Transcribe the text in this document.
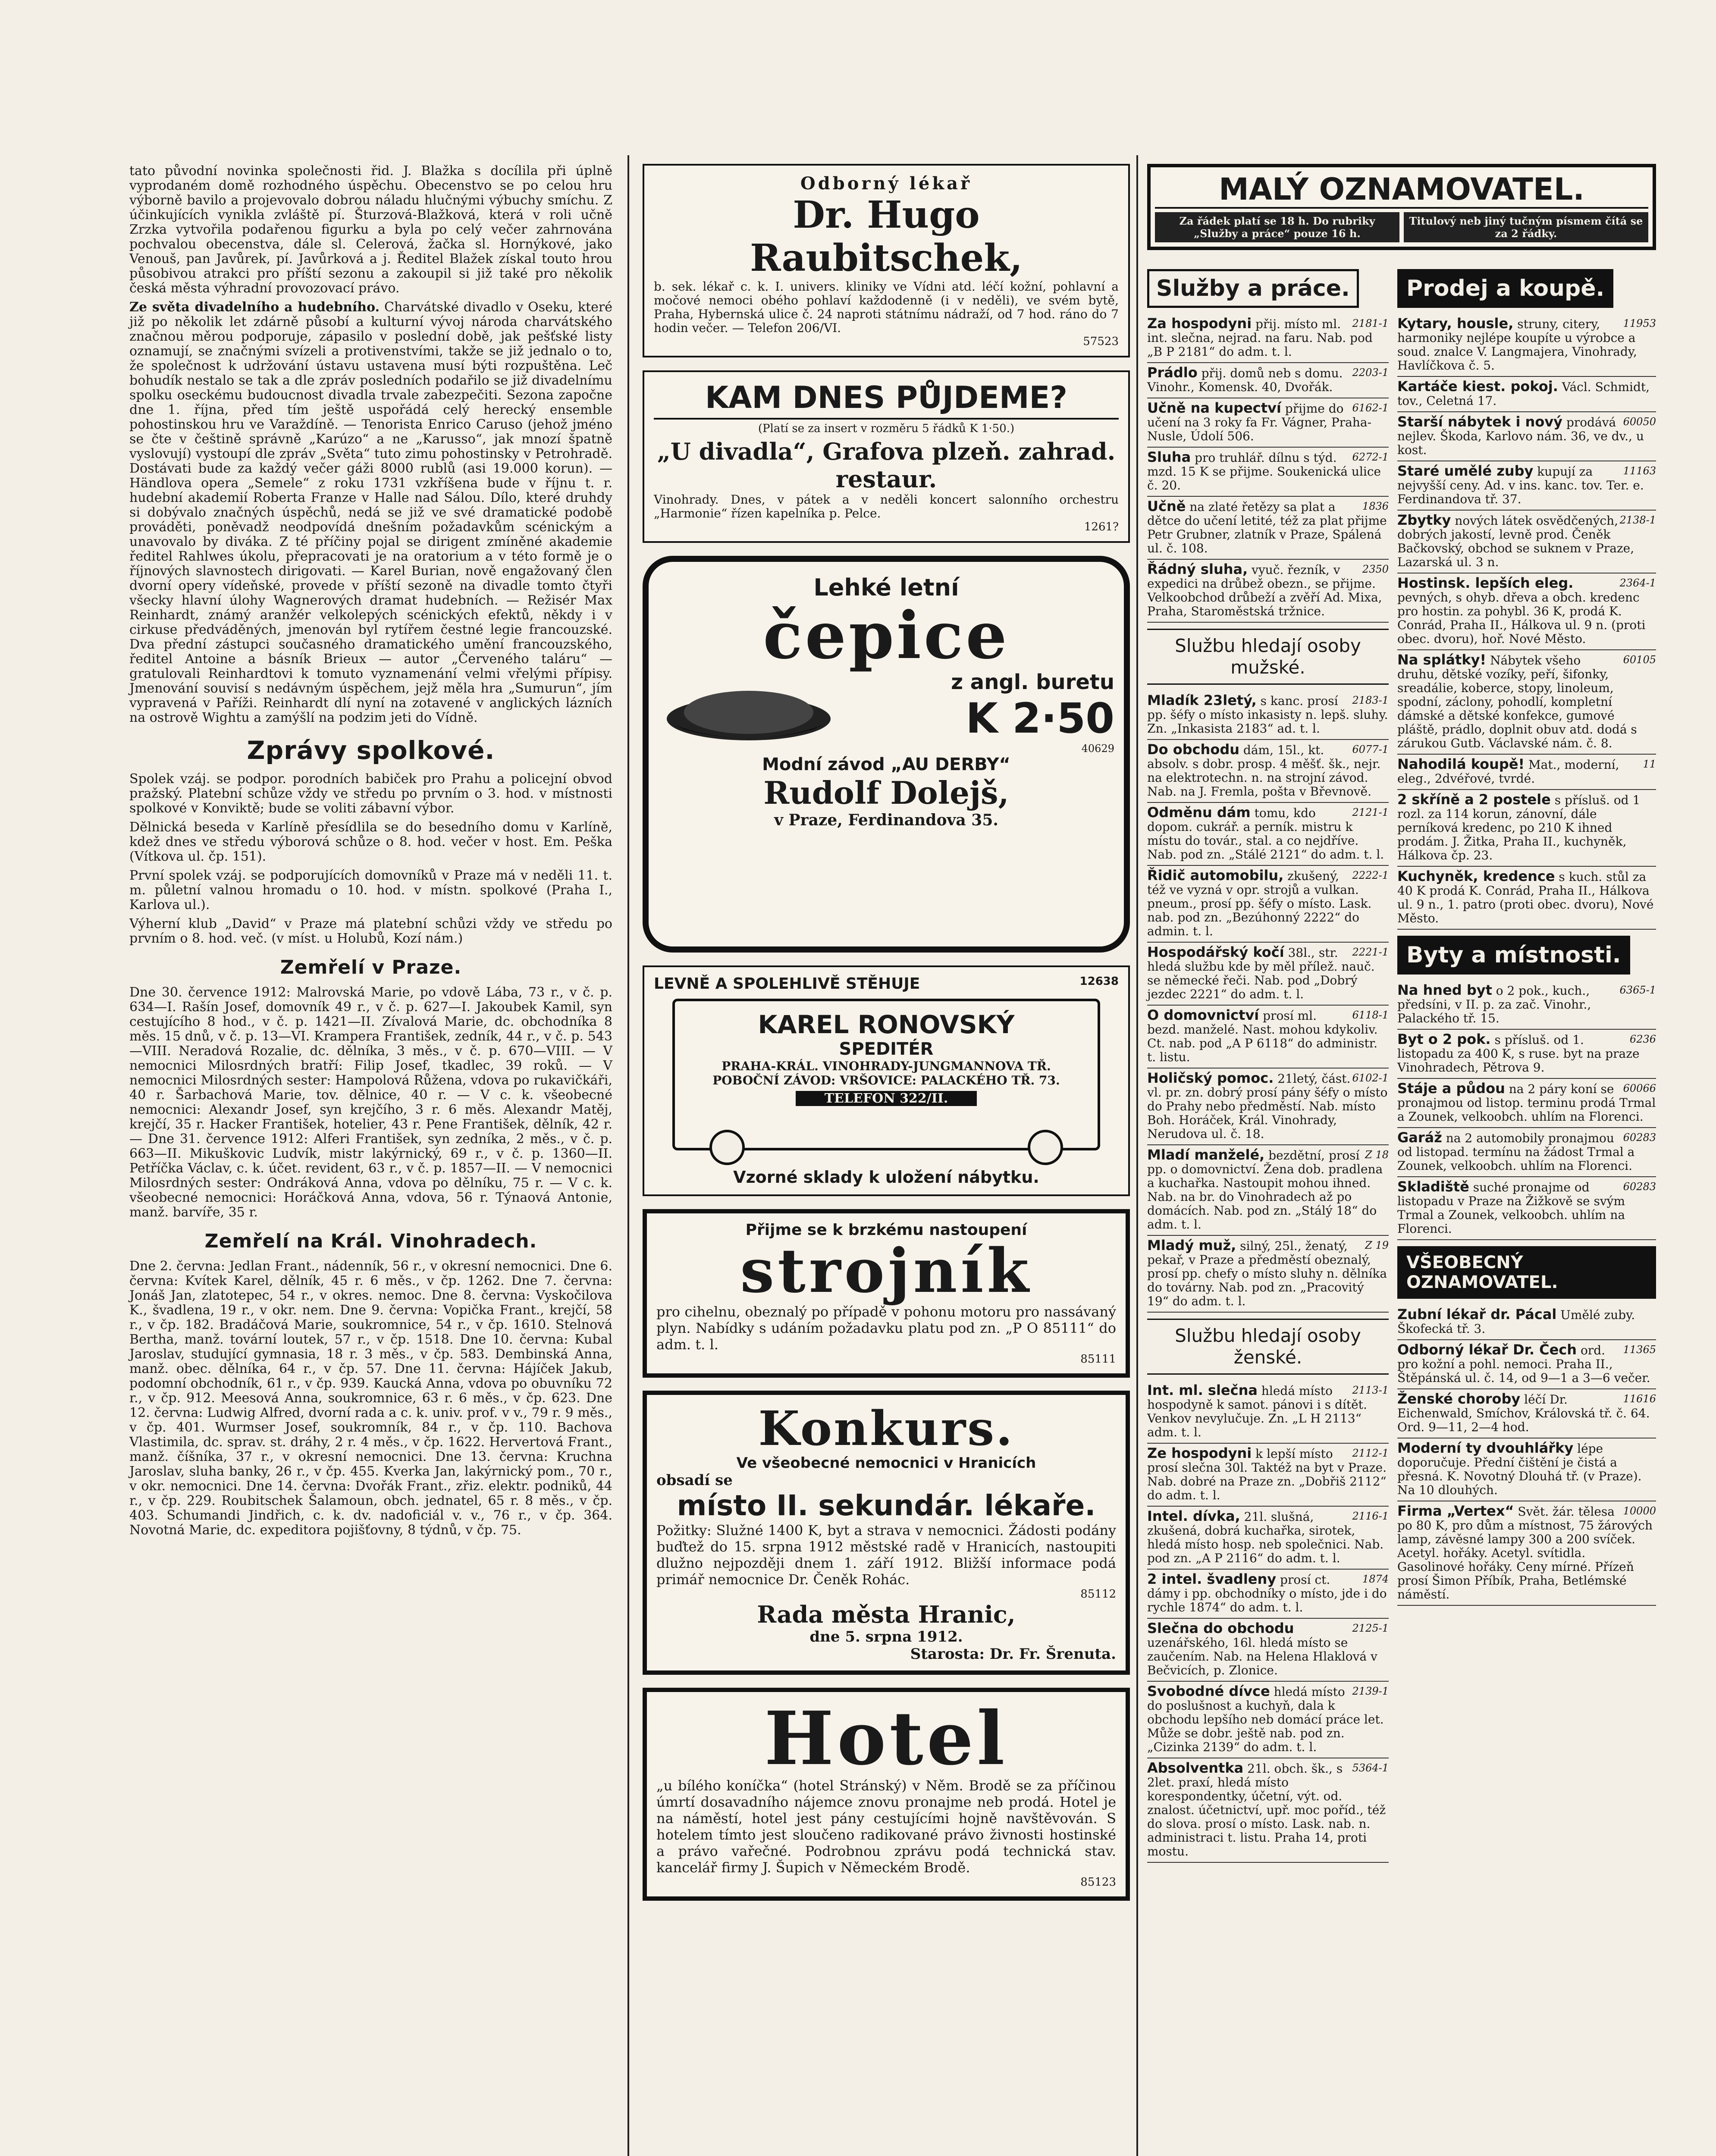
tato původní novinka společnosti řid. J. Blažka s docílila při úplně vyprodaném domě rozhodného úspěchu. Obecenstvo se po celou hru výborně bavilo a projevovalo dobrou náladu hlučnými výbuchy smíchu. Z účinkujících vynikla zvláště pí. Šturzová-Blažková, která v roli učně Zrzka vytvořila podařenou figurku a byla po celý večer zahrnována pochvalou obecenstva, dále sl. Celerová, žačka sl. Hornýkové, jako Venouš, pan Javůrek, pí. Javůrková a j. Ředitel Blažek získal touto hrou působivou atrakci pro příští sezonu a zakoupil si již také pro několik česká města výhradní provozovací právo.

Ze světa divadelního a hudebního. Charvátské divadlo v Oseku, které již po několik let zdárně působí a kulturní vývoj národa charvátského značnou měrou podporuje, zápasilo v poslední době, jak pešťské listy oznamují, se značnými svízeli a protivenstvími, takže se již jednalo o to, že společnost k udržování ústavu ustavena musí býti rozpuštěna. Leč bohudík nestalo se tak a dle zpráv posledních podařilo se již divadelnímu spolku oseckému budoucnost divadla trvale zabezpečiti. Sezona započne dne 1. října, před tím ještě uspořádá celý herecký ensemble pohostinskou hru ve Varaždíně. — Tenorista Enrico Caruso (jehož jméno se čte v češtině správně „Karúzo“ a ne „Karusso“, jak mnozí špatně vyslovují) vystoupí dle zpráv „Světa“ tuto zimu pohostinsky v Petrohradě. Dostávati bude za každý večer gáži 8000 rublů (asi 19.000 korun). — Händlova opera „Semele“ z roku 1731 vzkříšena bude v říjnu t. r. hudební akademií Roberta Franze v Halle nad Sálou. Dílo, které druhdy si dobývalo značných úspěchů, nedá se již ve své dramatické podobě prováděti, poněvadž neodpovídá dnešním požadavkům scénickým a unavovalo by diváka. Z té příčiny pojal se dirigent zmíněné akademie ředitel Rahlwes úkolu, přepracovati je na oratorium a v této formě je o říjnových slavnostech dirigovati. — Karel Burian, nově engažovaný člen dvorní opery vídeňské, provede v příští sezoně na divadle tomto čtyři všecky hlavní úlohy Wagnerových dramat hudebních. — Režisér Max Reinhardt, známý aranžér velkolepých scénických efektů, někdy i v cirkuse předváděných, jmenován byl rytířem čestné legie francouzské. Dva přední zástupci současného dramatického umění francouzského, ředitel Antoine a básník Brieux — autor „Červeného taláru“ — gratulovali Reinhardtovi k tomuto vyznamenání velmi vřelými přípisy. Jmenování souvisí s nedávným úspěchem, jejž měla hra „Sumurun“, jím vypravená v Paříži. Reinhardt dlí nyní na zotavené v anglických lázních na ostrově Wightu a zamýšlí na podzim jeti do Vídně.

Zprávy spolkové.

Spolek vzáj. se podpor. porodních babiček pro Prahu a policejní obvod pražský. Platební schůze vždy ve středu po prvním o 3. hod. v místnosti spolkové v Konviktě; bude se voliti zábavní výbor.

Dělnická beseda v Karlíně přesídlila se do besedního domu v Karlíně, kdež dnes ve středu výborová schůze o 8. hod. večer v host. Em. Peška (Vítkova ul. čp. 151).

První spolek vzáj. se podporujících domovníků v Praze má v neděli 11. t. m. půletní valnou hromadu o 10. hod. v místn. spolkové (Praha I., Karlova ul.).

Výherní klub „David“ v Praze má platební schůzi vždy ve středu po prvním o 8. hod. več. (v míst. u Holubů, Kozí nám.)

Zemřelí v Praze.

Dne 30. července 1912: Malrovská Marie, po vdově Lába, 73 r., v č. p. 634—I. Rašín Josef, domovník 49 r., v č. p. 627—I. Jakoubek Kamil, syn cestujícího 8 hod., v č. p. 1421—II. Zívalová Marie, dc. obchodníka 8 měs. 15 dnů, v č. p. 13—VI. Krampera František, zedník, 44 r., v č. p. 543—VIII. Neradová Rozalie, dc. dělníka, 3 měs., v č. p. 670—VIII. — V nemocnici Milosrdných bratří: Filip Josef, tkadlec, 39 roků. — V nemocnici Milosrdných sester: Hampolová Růžena, vdova po rukavičkáři, 40 r. Šarbachová Marie, tov. dělnice, 40 r. — V c. k. všeobecné nemocnici: Alexandr Josef, syn krejčího, 3 r. 6 měs. Alexandr Matěj, krejčí, 35 r. Hacker František, hotelier, 43 r. Pene František, dělník, 42 r. — Dne 31. července 1912: Alferi František, syn zedníka, 2 měs., v č. p. 663—II. Mikuškovic Ludvík, mistr lakýrnický, 69 r., v č. p. 1360—II. Petříčka Václav, c. k. účet. revident, 63 r., v č. p. 1857—II. — V nemocnici Milosrdných sester: Ondráková Anna, vdova po dělníku, 75 r. — V c. k. všeobecné nemocnici: Horáčková Anna, vdova, 56 r. Týnaová Antonie, manž. barvíře, 35 r.

Zemřelí na Král. Vinohradech.

Dne 2. června: Jedlan Frant., nádenník, 56 r., v okresní nemocnici. Dne 6. června: Kvítek Karel, dělník, 45 r. 6 měs., v čp. 1262. Dne 7. června: Jonáš Jan, zlatotepec, 54 r., v okres. nemoc. Dne 8. června: Vyskočilova K., švadlena, 19 r., v okr. nem. Dne 9. června: Vopička Frant., krejčí, 58 r., v čp. 182. Bradáčová Marie, soukromnice, 54 r., v čp. 1610. Stelnová Bertha, manž. tovární loutek, 57 r., v čp. 1518. Dne 10. června: Kubal Jaroslav, studující gymnasia, 18 r. 3 měs., v čp. 583. Dembinská Anna, manž. obec. dělníka, 64 r., v čp. 57. Dne 11. června: Hájíček Jakub, podomní obchodník, 61 r., v čp. 939. Kaucká Anna, vdova po obuvníku 72 r., v čp. 912. Meesová Anna, soukromnice, 63 r. 6 měs., v čp. 623. Dne 12. června: Ludwig Alfred, dvorní rada a c. k. univ. prof. v v., 79 r. 9 měs., v čp. 401. Wurmser Josef, soukromník, 84 r., v čp. 110. Bachova Vlastimila, dc. sprav. st. dráhy, 2 r. 4 měs., v čp. 1622. Hervertová Frant., manž. číšníka, 37 r., v okresní nemocnici. Dne 13. června: Kruchna Jaroslav, sluha banky, 26 r., v čp. 455. Kverka Jan, lakýrnický pom., 70 r., v okr. nemocnici. Dne 14. června: Dvořák Frant., zřiz. elektr. podniků, 44 r., v čp. 229. Roubitschek Šalamoun, obch. jednatel, 65 r. 8 měs., v čp. 403. Schumandi Jindřich, c. k. dv. nadoficiál v. v., 76 r., v čp. 364. Novotná Marie, dc. expeditora pojišťovny, 8 týdnů, v čp. 75.

Odborný lékař
Dr. Hugo Raubitschek,
b. sek. lékař c. k. I. univers. kliniky ve Vídni atd. léčí kožní, pohlavní a močové nemoci obého pohlaví každodenně (i v neděli), ve svém bytě, Praha, Hybernská ulice č. 24 naproti státnímu nádraží, od 7 hod. ráno do 7 hodin večer. — Telefon 206/VI.
57523
KAM DNES PŮJDEME?
(Platí se za insert v rozměru 5 řádků K 1·50.)
„U divadla“, Grafova plzeň. zahrad. restaur.
Vinohrady. Dnes, v pátek a v neděli koncert salonního orchestru „Harmonie“ řízen kapelníka p. Pelce.
1261?
Lehké letní
čepice
z angl. buretu
K 2·50
40629
Modní závod „AU DERBY“
Rudolf Dolejš,
v Praze, Ferdinandova 35.
LEVNĚ A SPOLEHLIVĚ STĚHUJE	12638
KAREL RONOVSKÝ
SPEDITÉR
PRAHA-KRÁL. VINOHRADY-JUNGMANNOVA TŘ.
POBOČNÍ ZÁVOD: VRŠOVICE: PALACKÉHO TŘ. 73.
TELEFON 322/II.
Vzorné sklady k uložení nábytku.
Přijme se k brzkému nastoupení
strojník
pro cihelnu, obeznalý po případě v pohonu motoru pro nassávaný plyn. Nabídky s udáním požadavku platu pod zn. „P O 85111“ do adm. t. l.
85111
Konkurs.
Ve všeobecné nemocnici v Hranicích
obsadí se
místo II. sekundár. lékaře.
Požitky: Služné 1400 K, byt a strava v nemocnici. Žádosti podány buďtež do 15. srpna 1912 městské radě v Hranicích, nastoupiti dlužno nejpozději dnem 1. září 1912. Bližší informace podá primář nemocnice Dr. Čeněk Rohác.
85112
Rada města Hranic,
dne 5. srpna 1912.
Starosta: Dr. Fr. Šrenuta.
Hotel
„u bílého koníčka“ (hotel Stránský) v Něm. Brodě se za příčinou úmrtí dosavadního nájemce znovu pronajme neb prodá. Hotel je na náměstí, hotel jest pány cestujícími hojně navštěvován. S hotelem tímto jest sloučeno radikované právo živnosti hostinské a právo vařečné. Podrobnou zprávu podá technická stav. kancelář firmy J. Šupich v Německém Brodě.
85123
MALÝ OZNAMOVATEL.
Za řádek platí se 18 h. Do rubriky „Služby a práce“ pouze 16 h.
Titulový neb jiný tučným písmem čítá se za 2 řádky.
Služby a práce.
2181-1
Za hospodyni přij. místo ml. int. slečna, nejrad. na faru. Nab. pod „B P 2181“ do adm. t. l.
2203-1
Prádlo přij. domů neb s domu. Vinohr., Komensk. 40, Dvořák.
6162-1
Učně na kupectví přijme do učení na 3 roky fa Fr. Vágner, Praha-Nusle, Údolí 506.
6272-1
Sluha pro truhlář. dílnu s týd. mzd. 15 K se přijme. Soukenická ulice č. 20.
1836
Učně na zlaté řetězy sa plat a dětce do učení letité, též za plat přijme Petr Grubner, zlatník v Praze, Spálená ul. č. 108.
2350
Řádný sluha, vyuč. řezník, v expedici na drůbež obezn., se přijme. Velkoobchod drůbeží a zvěří Ad. Mixa, Praha, Staroměstská tržnice.
Službu hledají osoby mužské.
2183-1
Mladík 23letý, s kanc. prosí pp. šéfy o místo inkasisty n. lepš. sluhy. Zn. „Inkasista 2183“ ad. t. l.
6077-1
Do obchodu dám, 15l., kt. absolv. s dobr. prosp. 4 měšť. šk., nejr. na elektrotechn. n. na strojní závod. Nab. na J. Fremla, pošta v Břevnově.
2121-1
Odměnu dám tomu, kdo dopom. cukrář. a perník. mistru k místu do továr., stal. a co nejdříve. Nab. pod zn. „Stálé 2121“ do adm. t. l.
2222-1
Řidič automobilu, zkušený, též ve vyzná v opr. strojů a vulkan. pneum., prosí pp. šéfy o místo. Lask. nab. pod zn. „Bezúhonný 2222“ do admin. t. l.
2221-1
Hospodářský kočí 38l., str. hledá službu kde by měl přílež. nauč. se německé řeči. Nab. pod „Dobrý jezdec 2221“ do adm. t. l.
6118-1
O domovnictví prosí ml. bezd. manželé. Nast. mohou kdykoliv. Ct. nab. pod „A P 6118“ do administr. t. listu.
6102-1
Holičský pomoc. 21letý, část. vl. pr. zn. dobrý prosí pány šéfy o místo do Prahy nebo předměstí. Nab. místo Boh. Horáček, Král. Vinohrady, Nerudova ul. č. 18.
Z 18
Mladí manželé, bezdětní, prosí pp. o domovnictví. Žena dob. pradlena a kuchařka. Nastoupit mohou ihned. Nab. na br. do Vinohradech až po domácích. Nab. pod zn. „Stálý 18“ do adm. t. l.
Z 19
Mladý muž, silný, 25l., ženatý, pekař, v Praze a předměstí obeznalý, prosí pp. chefy o místo sluhy n. dělníka do továrny. Nab. pod zn. „Pracovitý 19“ do adm. t. l.
Službu hledají osoby ženské.
2113-1
Int. ml. slečna hledá místo hospodyně k samot. pánovi i s dítět. Venkov nevylučuje. Zn. „L H 2113“ adm. t. l.
2112-1
Ze hospodyni k lepší místo prosí slečna 30l. Taktéž na byt v Praze. Nab. dobré na Praze zn. „Dobřiš 2112“ do adm. t. l.
2116-1
Intel. dívka, 21l. slušná, zkušená, dobrá kuchařka, sirotek, hledá místo hosp. neb společnici. Nab. pod zn. „A P 2116“ do adm. t. l.
1874
2 intel. švadleny prosí ct. dámy i pp. obchodníky o místo, jde i do rychle 1874“ do adm. t. l.
2125-1
Slečna do obchodu uzenářského, 16l. hledá místo se zaučením. Nab. na Helena Hlaklová v Bečvicích, p. Zlonice.
2139-1
Svobodné dívce hledá místo do poslušnost a kuchyň, dala k obchodu lepšího neb domácí práce let. Může se dobr. ještě nab. pod zn. „Cizinka 2139“ do adm. t. l.
5364-1
Absolventka 21l. obch. šk., s 2let. praxí, hledá místo korespondentky, účetní, výt. od. znalost. účetnictví, upř. moc poříd., též do slova. prosí o místo. Lask. nab. n. administraci t. listu. Praha 14, proti mostu.
Prodej a koupě.
11953
Kytary, housle, struny, citery, harmoniky nejlépe koupíte u výrobce a soud. znalce V. Langmajera, Vinohrady, Havlíčkova č. 5.
Kartáče kiest. pokoj. Václ. Schmidt, tov., Celetná 17.
60050
Starší nábytek i nový prodává nejlev. Škoda, Karlovo nám. 36, ve dv., u kost.
11163
Staré umělé zuby kupují za nejvyšší ceny. Ad. v ins. kanc. tov. Ter. e. Ferdinandova tř. 37.
2138-1
Zbytky nových látek osvědčených, dobrých jakostí, levně prod. Čeněk Bačkovský, obchod se suknem v Praze, Lazarská ul. 3 n.
2364-1
Hostinsk. lepších eleg. pevných, s ohyb. dřeva a obch. kredenc pro hostin. za pohybl. 36 K, prodá K. Conrád, Praha II., Hálkova ul. 9 n. (proti obec. dvoru), hoř. Nové Město.
60105
Na splátky! Nábytek všeho druhu, dětské vozíky, peří, šifonky, sreadálie, koberce, stopy, linoleum, spodní, záclony, pohodlí, kompletní dámské a dětské konfekce, gumové pláště, prádlo, doplnit obuv atd. dodá s zárukou Gutb. Václavské nám. č. 8.
11
Nahodilá koupě! Mat., moderní, eleg., 2dvéřové, tvrdé.
2 skříně a 2 postele s přísluš. od 1 rozl. za 114 korun, zánovní, dále perníková kredenc, po 210 K ihned prodám. J. Žitka, Praha II., kuchyněk, Hálkova čp. 23.
Kuchyněk, kredence s kuch. stůl za 40 K prodá K. Conrád, Praha II., Hálkova ul. 9 n., 1. patro (proti obec. dvoru), Nové Město.
Byty a místnosti.
6365-1
Na hned byt o 2 pok., kuch., předsíni, v II. p. za zač. Vinohr., Palackého tř. 15.
6236
Byt o 2 pok. s přísluš. od 1. listopadu za 400 K, s ruse. byt na praze Vinohradech, Pětrova 9.
60066
Stáje a půdou na 2 páry koní se pronajmou od listop. terminu prodá Trmal a Zounek, velkoobch. uhlím na Florenci.
60283
Garáž na 2 automobily pronajmou od listopad. termínu na žádost Trmal a Zounek, velkoobch. uhlím na Florenci.
60283
Skladiště suché pronajme od listopadu v Praze na Žižkově se svým Trmal a Zounek, velkoobch. uhlím na Florenci.
VŠEOBECNÝ OZNAMOVATEL.
Zubní lékař dr. Pácal Umělé zuby. Škofecká tř. 3.
11365
Odborný lékař Dr. Čech ord. pro kožní a pohl. nemoci. Praha II., Štěpánská ul. č. 14, od 9—1 a 3—6 večer.
11616
Ženské choroby léčí Dr. Eichenwald, Smíchov, Královská tř. č. 64. Ord. 9—11, 2—4 hod.
Moderní ty dvouhlářky lépe doporučuje. Přední čištění je čistá a přesná. K. Novotný Dlouhá tř. (v Praze). Na 10 dlouhých.
10000
Firma „Vertex“ Svět. žár. tělesa po 80 K, pro dům a místnost, 75 žárových lamp, závěsné lampy 300 a 200 svíček. Acetyl. hořáky. Acetyl. svítidla. Gasolinové hořáky. Ceny mírné. Přízeň prosí Šimon Příbík, Praha, Betlémské náměstí.
